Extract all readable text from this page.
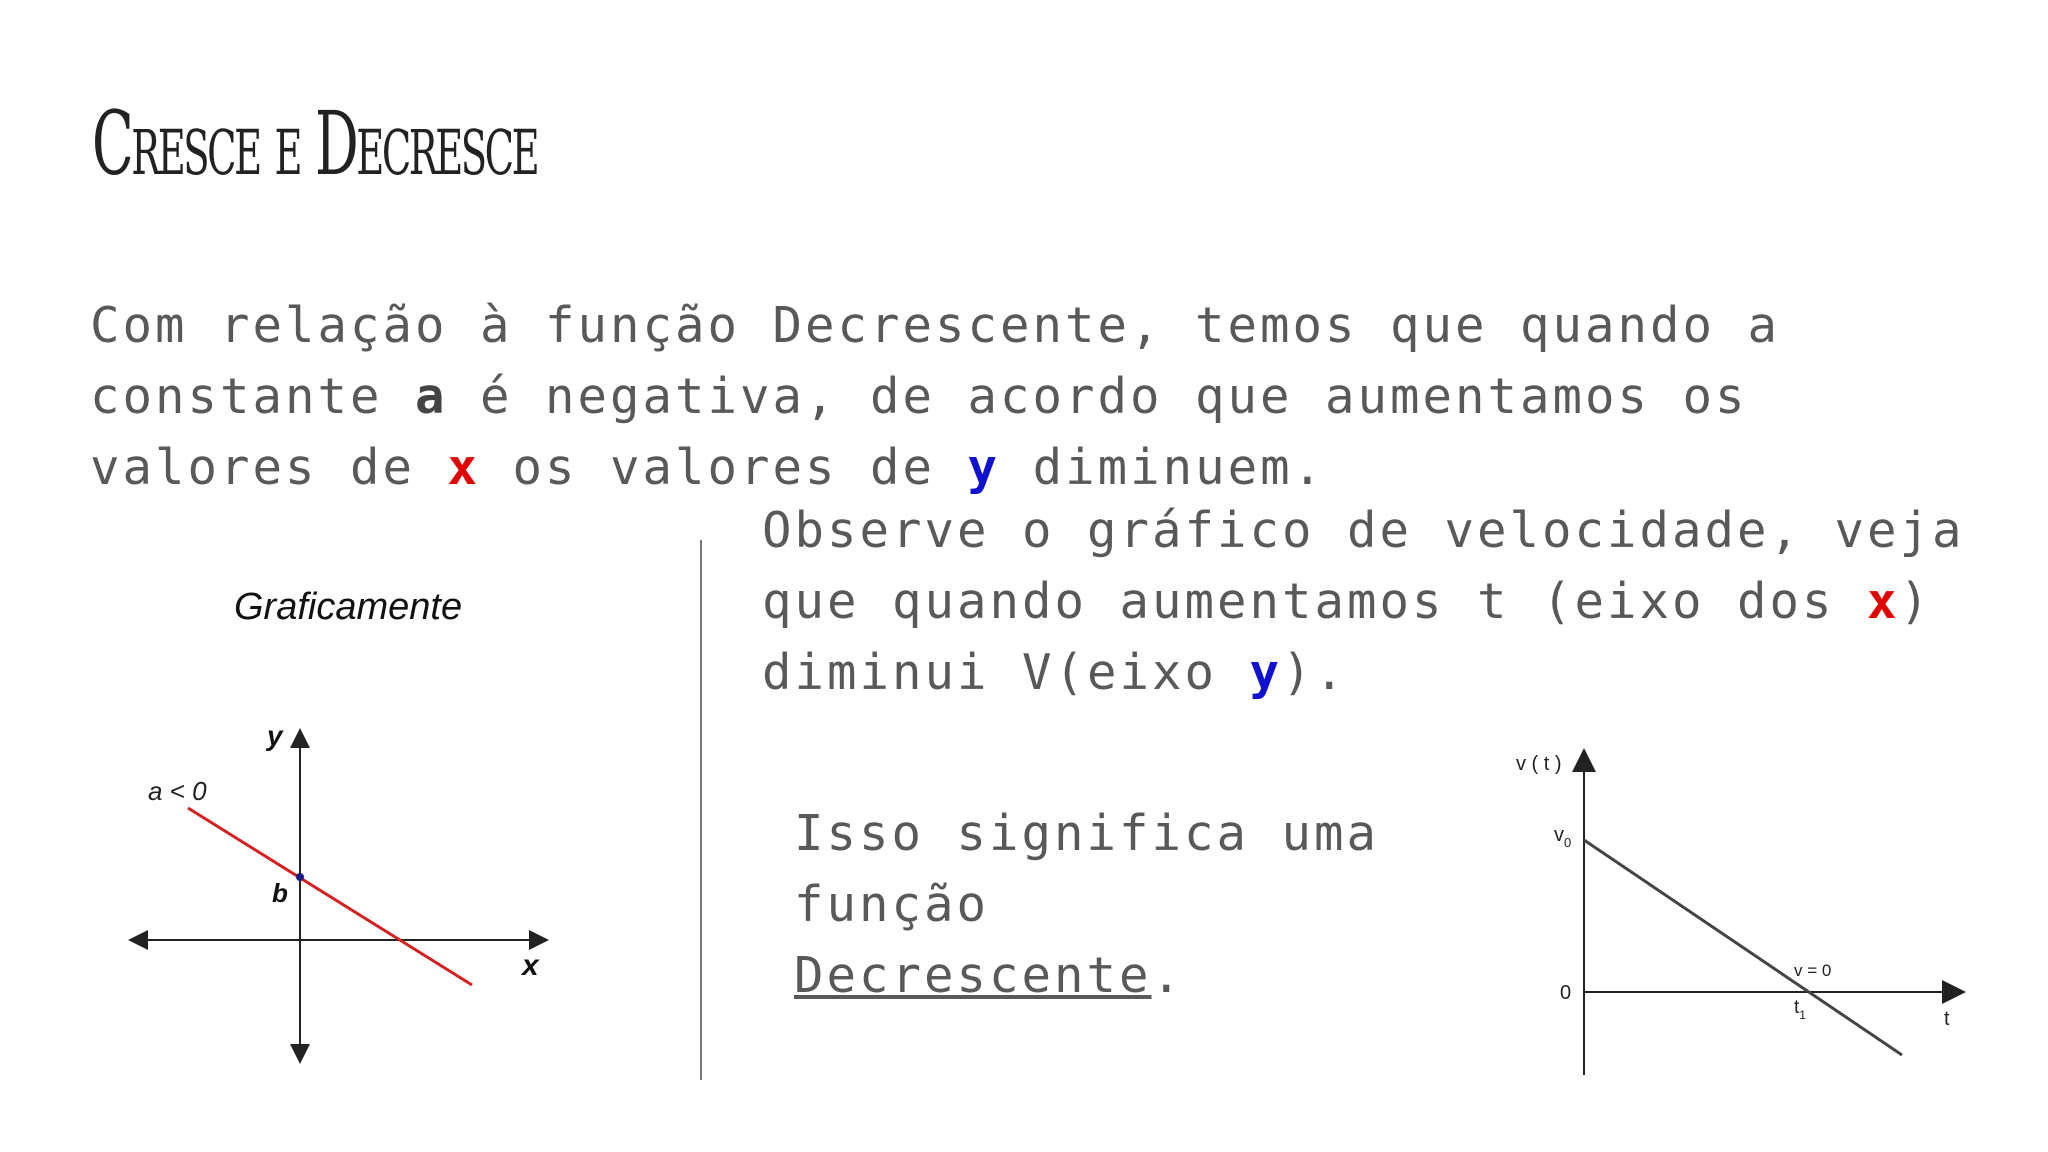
Cresce e Decresce
Com relação à função Decrescente, temos que quando a constante a é negativa, de acordo que aumentamos os valores de x os valores de y diminuem.
Graficamente
y
x
a < 0
b
Observe o gráfico de velocidade, veja que quando aumentamos t (eixo dos x) diminui V(eixo y).
Isso significa uma função Decrescente.
v ( t )
t
$v_0$
0
v = 0
$t_1$
